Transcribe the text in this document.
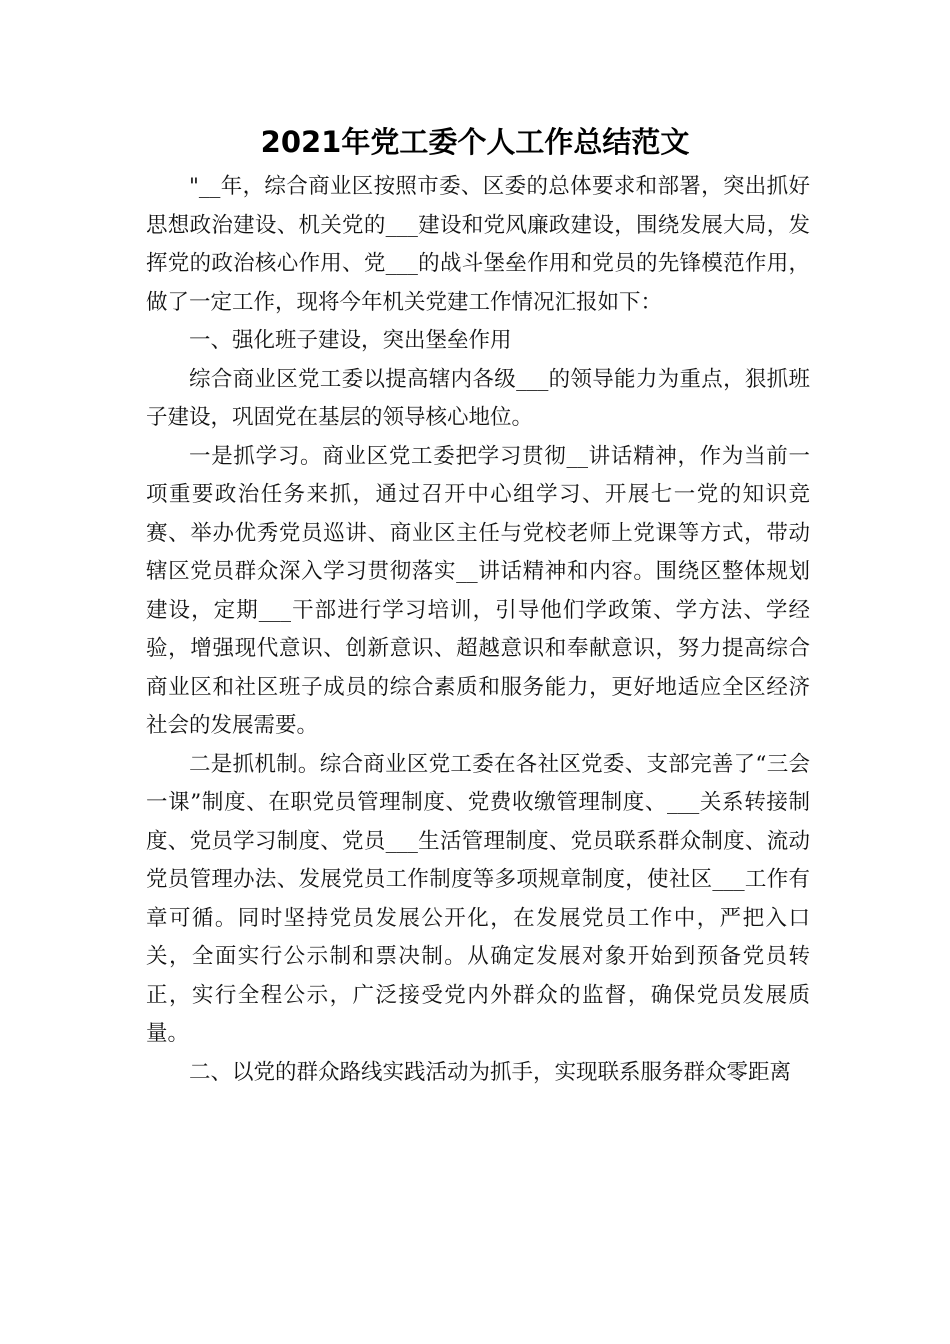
2021年党工委个人工作总结范文

"__年，综合商业区按照市委、区委的总体要求和部署，突出抓好思想政治建设、机关党的___建设和党风廉政建设，围绕发展大局，发挥党的政治核心作用、党___的战斗堡垒作用和党员的先锋模范作用，做了一定工作，现将今年机关党建工作情况汇报如下：

一、强化班子建设，突出堡垒作用

综合商业区党工委以提高辖内各级___的领导能力为重点，狠抓班子建设，巩固党在基层的领导核心地位。

一是抓学习。商业区党工委把学习贯彻__讲话精神，作为当前一项重要政治任务来抓，通过召开中心组学习、开展七一党的知识竞赛、举办优秀党员巡讲、商业区主任与党校老师上党课等方式，带动辖区党员群众深入学习贯彻落实__讲话精神和内容。围绕区整体规划建设，定期___干部进行学习培训，引导他们学政策、学方法、学经验，增强现代意识、创新意识、超越意识和奉献意识，努力提高综合商业区和社区班子成员的综合素质和服务能力，更好地适应全区经济社会的发展需要。

二是抓机制。综合商业区党工委在各社区党委、支部完善了“三会一课”制度、在职党员管理制度、党费收缴管理制度、___关系转接制度、党员学习制度、党员___生活管理制度、党员联系群众制度、流动党员管理办法、发展党员工作制度等多项规章制度，使社区___工作有章可循。同时坚持党员发展公开化，在发展党员工作中，严把入口关，全面实行公示制和票决制。从确定发展对象开始到预备党员转正，实行全程公示，广泛接受党内外群众的监督，确保党员发展质量。

二、以党的群众路线实践活动为抓手，实现联系服务群众零距离
